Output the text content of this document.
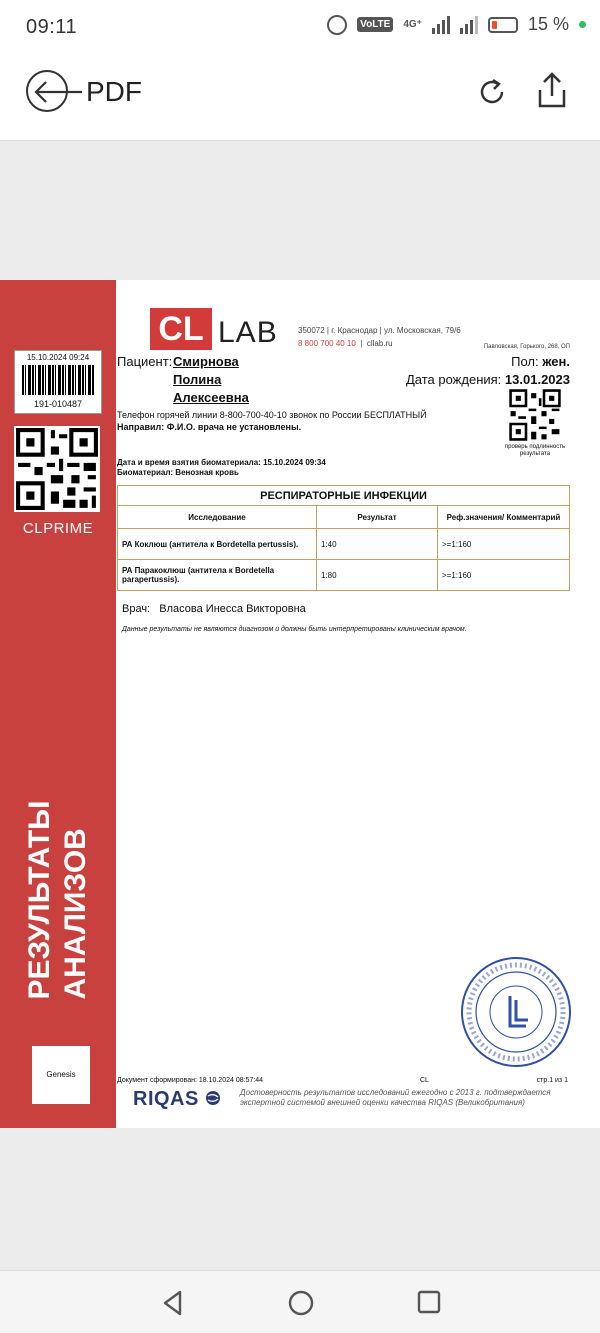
09:11	VoLTE	4G⁺	15 %
PDF
15.10.2024 09:24
191-010487
CLPRIME
РЕЗУЛЬТАТЫ АНАЛИЗОВ
Genesis
CL LAB	350072 | г. Краснодар | ул. Московская, 79/6
8 800 700 40 10  |  cllab.ru	Павловская, Горького, 268, ОП
Пациент: Смирнова
Полина
Алексеевна
Пол: жен.
Дата рождения: 13.01.2023
проверь подлинность результата
Телефон горячей линии 8-800-700-40-10 звонок по России БЕСПЛАТНЫЙ
Направил: Ф.И.О. врача не установлены.
Дата и время взятия биоматериала: 15.10.2024 09:34
Биоматериал: Венозная кровь
РЕСПИРАТОРНЫЕ ИНФЕКЦИИ		
Исследование	Результат	Реф.значения/ Комментарий
РА Коклюш (антитела к Bordetella pertussis).	1:40	>=1:160
РА Паракоклюш (антитела к Bordetella parapertussis).	1:80	>=1:160
Врач: Власова Инесса Викторовна
Данные результаты не являются диагнозом и должны быть интерпретированы клиническим врачом.
Документ сформирован: 18.10.2024 08:57:44	CL	стр.1 из 1
RIQAS	Достоверность результатов исследований ежегодно с 2013 г. подтверждается экспертной системой внешней оценки качества RIQAS (Великобритания)
